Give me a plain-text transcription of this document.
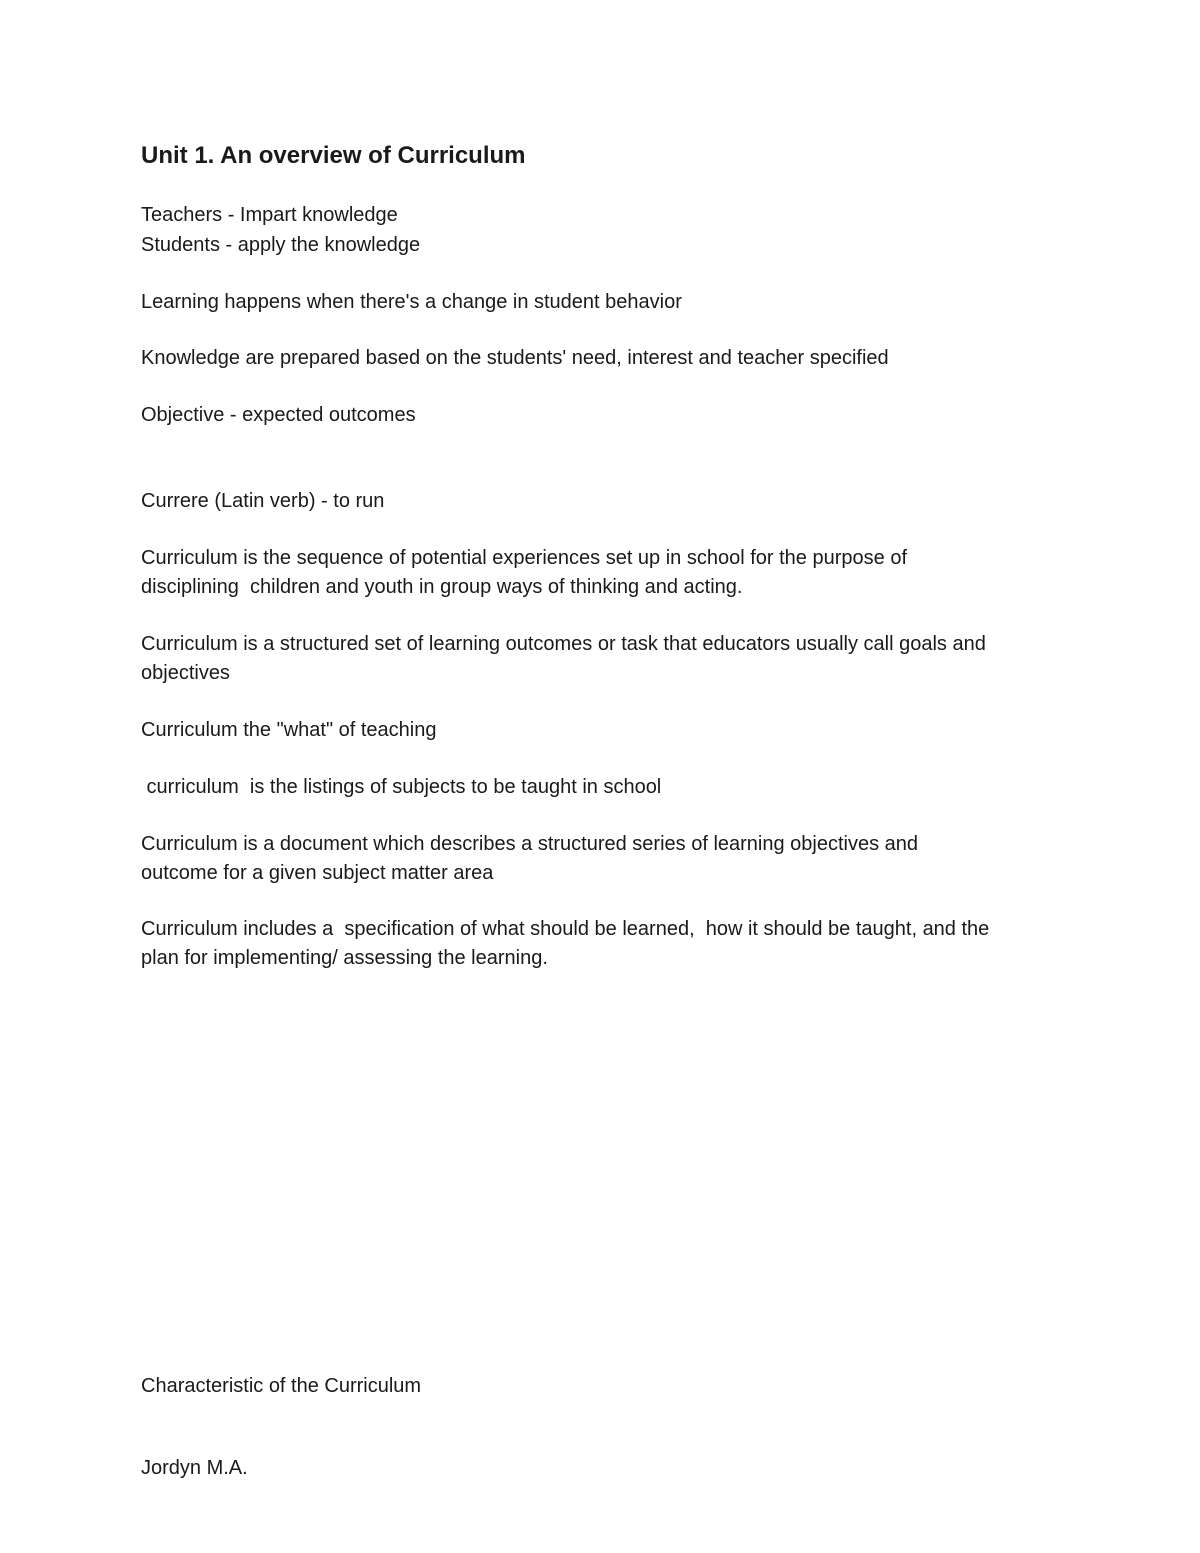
Unit 1. An overview of Curriculum

Teachers - Impart knowledge

Students - apply the knowledge

Learning happens when there's a change in student behavior

Knowledge are prepared based on the students' need, interest and teacher specified

Objective - expected outcomes

Currere (Latin verb) - to run

Curriculum is the sequence of potential experiences set up in school for the purpose of

disciplining  children and youth in group ways of thinking and acting.

Curriculum is a structured set of learning outcomes or task that educators usually call goals and

objectives

Curriculum the "what" of teaching

curriculum  is the listings of subjects to be taught in school

Curriculum is a document which describes a structured series of learning objectives and

outcome for a given subject matter area

Curriculum includes a  specification of what should be learned,  how it should be taught, and the

plan for implementing/ assessing the learning.

Characteristic of the Curriculum

Jordyn M.A.
